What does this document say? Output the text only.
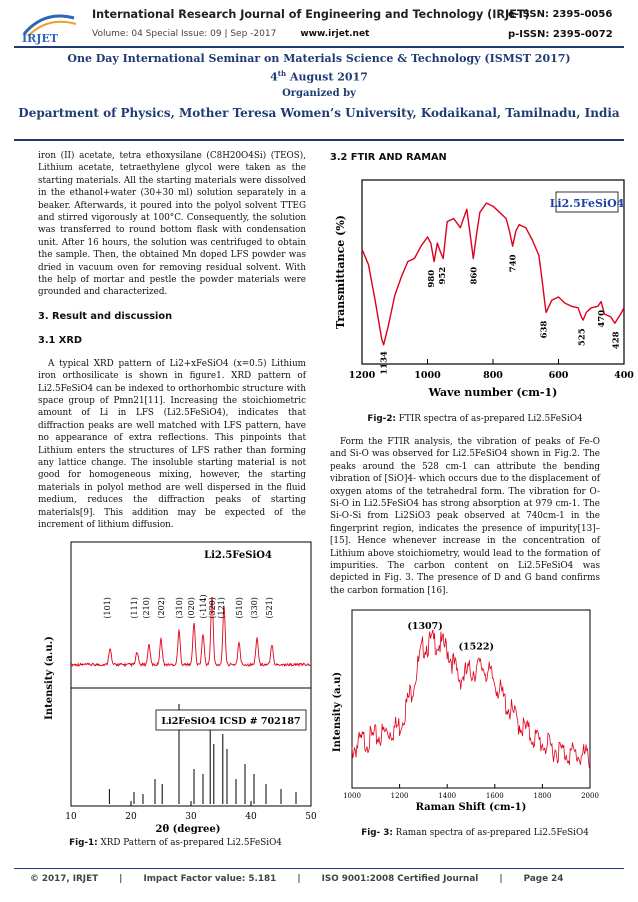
IRJET
International Research Journal of Engineering and Technology (IRJET)
e-ISSN: 2395-0056
Volume: 04 Special Issue: 09 | Sep -2017	www.irjet.net	p-ISSN: 2395-0072
One Day International Seminar on Materials Science & Technology (ISMST 2017)
4th August 2017
Organized by
Department of Physics, Mother Teresa Women’s University, Kodaikanal, Tamilnadu, India

iron (II) acetate, tetra ethoxysilane (C8H20O4Si) (TEOS), Lithium acetate, tetraethylene glycol were taken as the starting materials. All the starting materials were dissolved in the ethanol+water (30+30 ml) solution separately in a beaker. Afterwards, it poured into the polyol solvent TTEG and stirred vigorously at 100°C. Consequently, the solution was transferred to round bottom flask with condensation unit. After 16 hours, the solution was centrifuged to obtain the sample. Then, the obtained Mn doped LFS powder was dried in vacuum oven for removing residual solvent. With the help of mortar and pestle the powder materials were grounded and characterized.

3. Result and discussion
3.1 XRD

A typical XRD pattern of Li2+xFeSiO4 (x=0.5) Lithium iron orthosilicate is shown in figure1. XRD pattern of Li2.5FeSiO4 can be indexed to orthorhombic structure with space group of Pmn21[11]. Increasing the stoichiometric amount of Li in LFS (Li2.5FeSiO4), indicates that diffraction peaks are well matched with LFS pattern, have no appearance of extra reflections. This pinpoints that Lithium enters the structures of LFS rather than forming any lattice change. The insoluble starting material is not good for homogeneous mixing, however, the starting materials in polyol method are well dispersed in the fluid medium, reduces the diffraction peaks of starting materials[9]. This addition may be expected of the increment of lithium diffusion.

10	20	30	40	50
(101) (111) (210) (202) (310) (020) (-114) (320) (121) (510) (330) (521)
Li2.5FeSiO4
Li2FeSiO4 ICSD # 702187
Intensity (a.u.)
2θ (degree)
Fig-1: XRD Pattern of as-prepared Li2.5FeSiO4
3.2 FTIR AND RAMAN
1200	1000	800	600	400
1134
980 952 860
740
638	525
470
428
Li2.5FeSiO4
Transmittance (%)
Wave number (cm-1)
Fig-2: FTIR spectra of as-prepared Li2.5FeSiO4
Form the FTIR analysis, the vibration of peaks of Fe-O and Si-O was observed for Li2.5FeSiO4 shown in Fig.2. The peaks around the 528 cm-1 can attribute the bending vibration of [SiO]4- which occurs due to the displacement of oxygen atoms of the tetrahedral form. The vibration for O-Si-O in Li2.5FeSiO4 has strong absorption at 979 cm-1. The Si-O-Si from Li2SiO3 peak observed at 740cm-1 in the fingerprint region, indicates the presence of impurity[13]–[15]. Hence whenever increase in the concentration of Lithium above stoichiometry, would lead to the formation of impurities. The carbon content on Li2.5FeSiO4 was depicted in Fig. 3. The presence of D and G band confirms the carbon formation [16].
1000	1200	1400	1600	1800	2000
(1307)
(1522)
Intensity (a.u)
Raman Shift (cm-1)
Fig- 3: Raman spectra of as-prepared Li2.5FeSiO4
© 2017, IRJET | Impact Factor value: 5.181 | ISO 9001:2008 Certified Journal | Page 24
